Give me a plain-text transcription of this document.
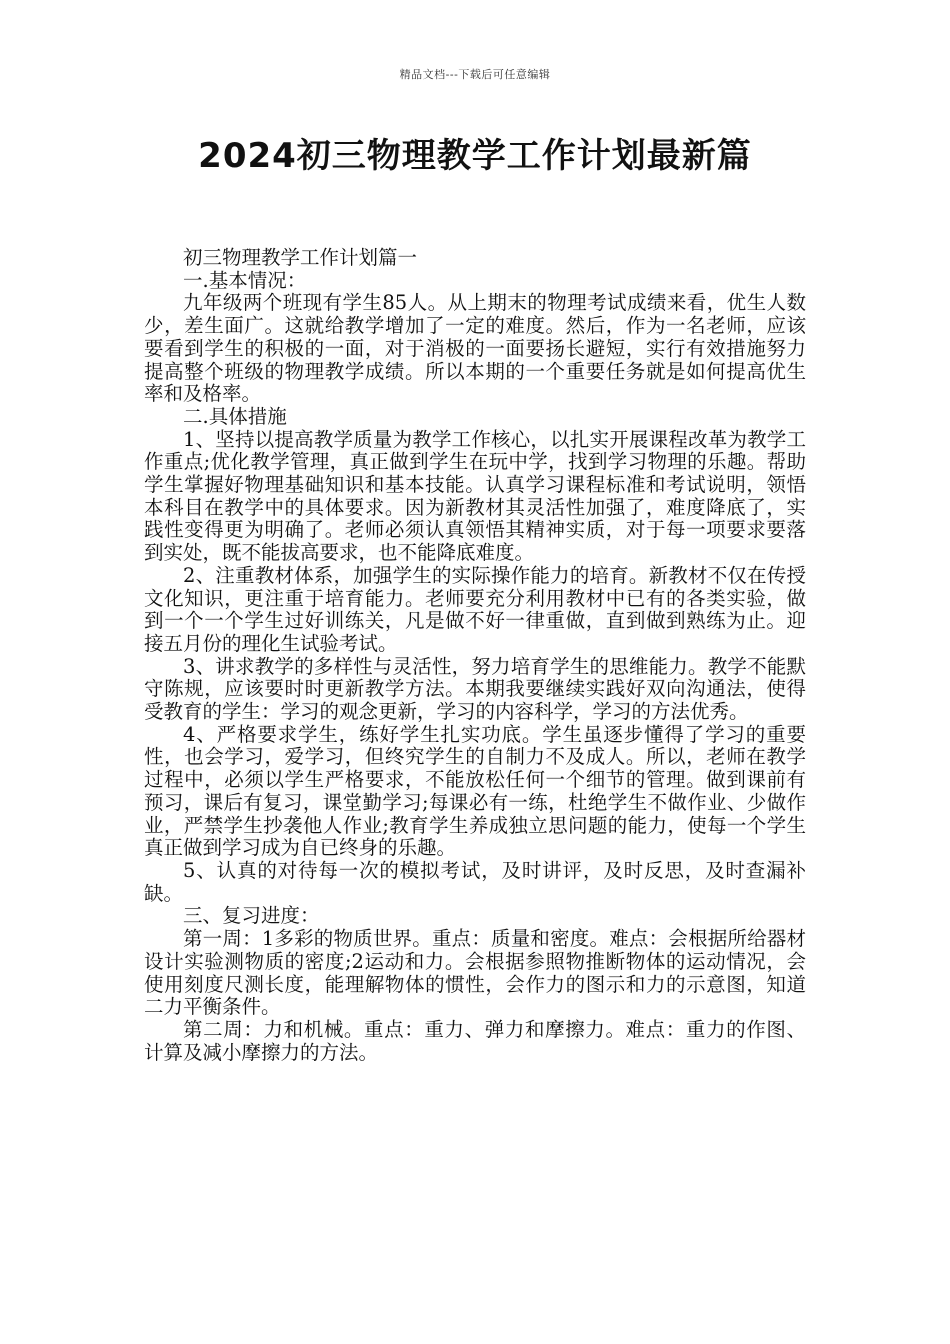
精品文档---下载后可任意编辑
2024初三物理教学工作计划最新篇

初三物理教学工作计划篇一

一.基本情况：

九年级两个班现有学生85人。从上期末的物理考试成绩来看，优生人数少，差生面广。这就给教学增加了一定的难度。然后，作为一名老师，应该要看到学生的积极的一面，对于消极的一面要扬长避短，实行有效措施努力提高整个班级的物理教学成绩。所以本期的一个重要任务就是如何提高优生率和及格率。

二.具体措施

1、坚持以提高教学质量为教学工作核心，以扎实开展课程改革为教学工作重点;优化教学管理，真正做到学生在玩中学，找到学习物理的乐趣。帮助学生掌握好物理基础知识和基本技能。认真学习课程标准和考试说明，领悟本科目在教学中的具体要求。因为新教材其灵活性加强了，难度降底了，实践性变得更为明确了。老师必须认真领悟其精神实质，对于每一项要求要落到实处，既不能拔高要求，也不能降底难度。

2、注重教材体系，加强学生的实际操作能力的培育。新教材不仅在传授文化知识，更注重于培育能力。老师要充分利用教材中已有的各类实验，做到一个一个学生过好训练关，凡是做不好一律重做，直到做到熟练为止。迎接五月份的理化生试验考试。

3、讲求教学的多样性与灵活性，努力培育学生的思维能力。教学不能默守陈规，应该要时时更新教学方法。本期我要继续实践好双向沟通法，使得受教育的学生：学习的观念更新，学习的内容科学，学习的方法优秀。

4、严格要求学生，练好学生扎实功底。学生虽逐步懂得了学习的重要性，也会学习，爱学习，但终究学生的自制力不及成人。所以，老师在教学过程中，必须以学生严格要求，不能放松任何一个细节的管理。做到课前有预习，课后有复习，课堂勤学习;每课必有一练，杜绝学生不做作业、少做作业，严禁学生抄袭他人作业;教育学生养成独立思问题的能力，使每一个学生真正做到学习成为自已终身的乐趣。

5、认真的对待每一次的模拟考试，及时讲评，及时反思，及时查漏补缺。

三、复习进度：

第一周：1多彩的物质世界。重点：质量和密度。难点：会根据所给器材设计实验测物质的密度;2运动和力。会根据参照物推断物体的运动情况，会使用刻度尺测长度，能理解物体的惯性，会作力的图示和力的示意图，知道二力平衡条件。

第二周：力和机械。重点：重力、弹力和摩擦力。难点：重力的作图、计算及减小摩擦力的方法。
